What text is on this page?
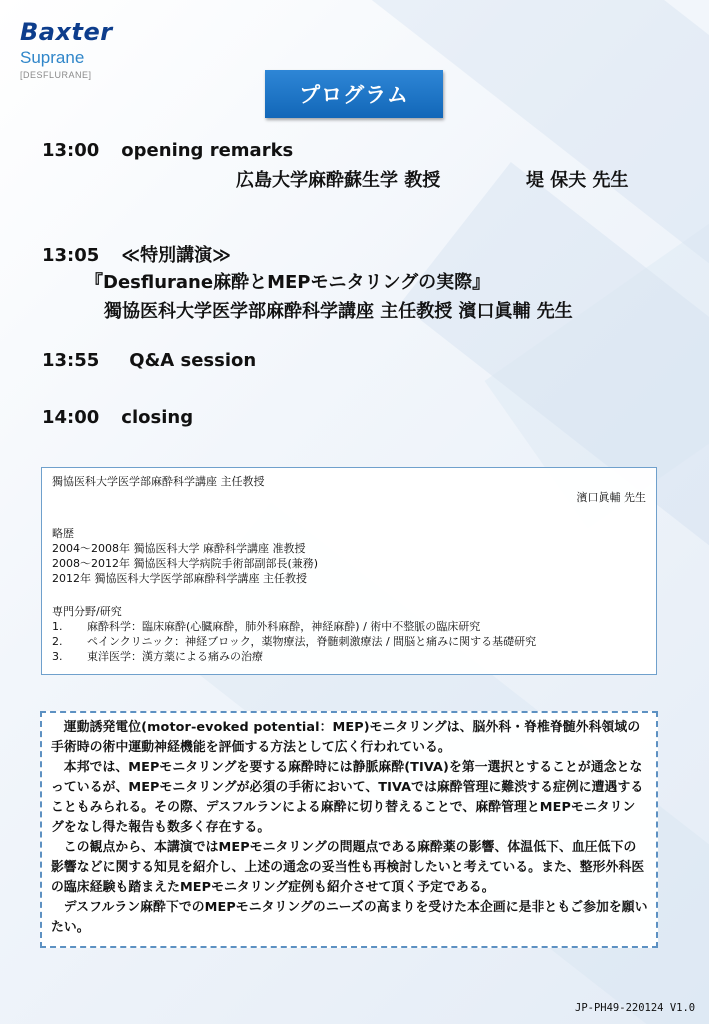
Baxter
Suprane
[DESFLURANE]
プログラム
13:00 opening remarks
広島大学麻酔蘇生学 教授	堤 保夫 先生
13:05 ≪特別講演≫
『Desflurane麻酔とMEPモニタリングの実際』
獨協医科大学医学部麻酔科学講座 主任教授 濱口眞輔 先生
13:55 Q&A session
14:00 closing
獨協医科大学医学部麻酔科学講座 主任教授
濱口眞輔 先生
略歴
2004～2008年 獨協医科大学 麻酔科学講座 准教授
2008～2012年 獨協医科大学病院手術部副部長(兼務)
2012年 獨協医科大学医学部麻酔科学講座 主任教授
専門分野/研究
1. 麻酔科学：臨床麻酔(心臓麻酔，肺外科麻酔，神経麻酔) / 術中不整脈の臨床研究
2. ペインクリニック：神経ブロック，薬物療法，脊髄刺激療法 / 間脳と痛みに関する基礎研究
3. 東洋医学：漢方薬による痛みの治療

運動誘発電位(motor-evoked potential：MEP)モニタリングは、脳外科・脊椎脊髄外科領域の手術時の術中運動神経機能を評価する方法として広く行われている。

本邦では、MEPモニタリングを要する麻酔時には静脈麻酔(TIVA)を第一選択とすることが通念となっているが、MEPモニタリングが必須の手術において、TIVAでは麻酔管理に難渋する症例に遭遇することもみられる。その際、デスフルランによる麻酔に切り替えることで、麻酔管理とMEPモニタリングをなし得た報告も数多く存在する。

この観点から、本講演ではMEPモニタリングの問題点である麻酔薬の影響、体温低下、血圧低下の影響などに関する知見を紹介し、上述の通念の妥当性も再検討したいと考えている。また、整形外科医の臨床経験も踏まえたMEPモニタリング症例も紹介させて頂く予定である。

デスフルラン麻酔下でのMEPモニタリングのニーズの高まりを受けた本企画に是非ともご参加を願いたい。

JP-PH49-220124 V1.0
